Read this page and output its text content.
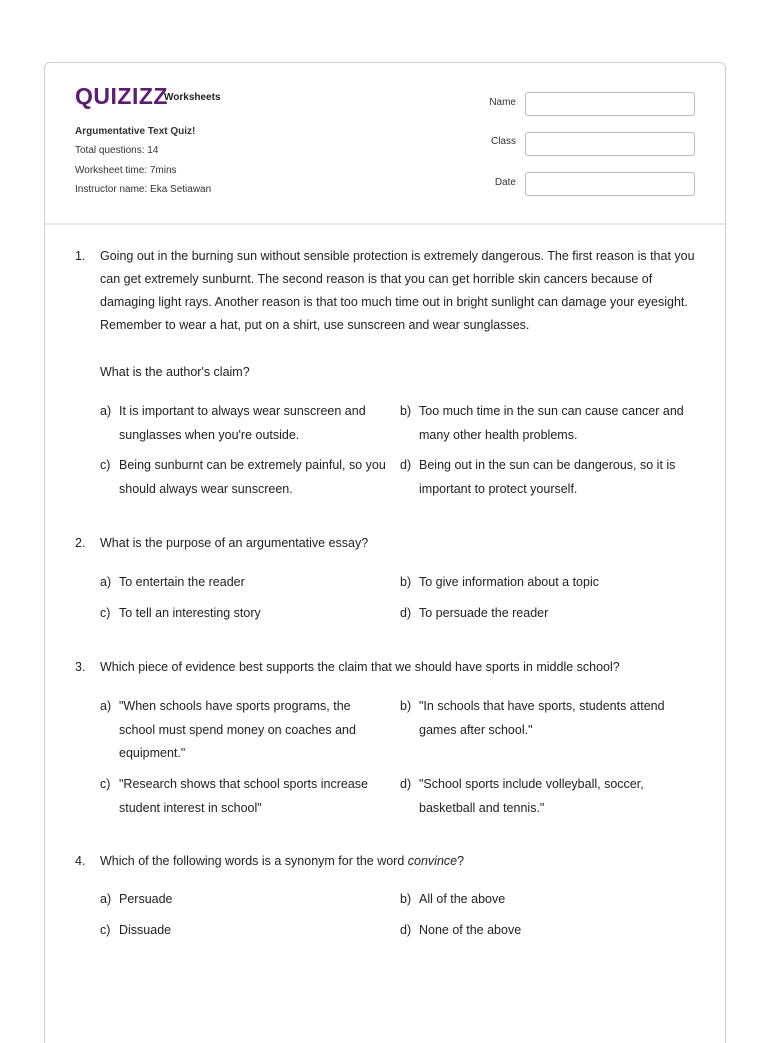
QUIZIZZ
Worksheets
Argumentative Text Quiz!
Total questions: 14
Worksheet time: 7mins
Instructor name: Eka Setiawan
Name
Class
Date
1. Going out in the burning sun without sensible protection is extremely dangerous. The first reason is that you can get extremely sunburnt. The second reason is that you can get horrible skin cancers because of damaging light rays. Another reason is that too much time out in bright sunlight can damage your eyesight. Remember to wear a hat, put on a shirt, use sunscreen and wear sunglasses.
What is the author's claim?
a) It is important to always wear sunscreen and sunglasses when you're outside.
b) Too much time in the sun can cause cancer and many other health problems.
c) Being sunburnt can be extremely painful, so you should always wear sunscreen.
d) Being out in the sun can be dangerous, so it is important to protect yourself.
2. What is the purpose of an argumentative essay?
a) To entertain the reader	b) To give information about a topic
c) To tell an interesting story	d) To persuade the reader
3. Which piece of evidence best supports the claim that we should have sports in middle school?
a) "When schools have sports programs, the school must spend money on coaches and equipment."
b) "In schools that have sports, students attend games after school."
c) "Research shows that school sports increase student interest in school"
d) "School sports include volleyball, soccer, basketball and tennis."
4. Which of the following words is a synonym for the word convince?
a) Persuade	b) All of the above
c) Dissuade	d) None of the above
